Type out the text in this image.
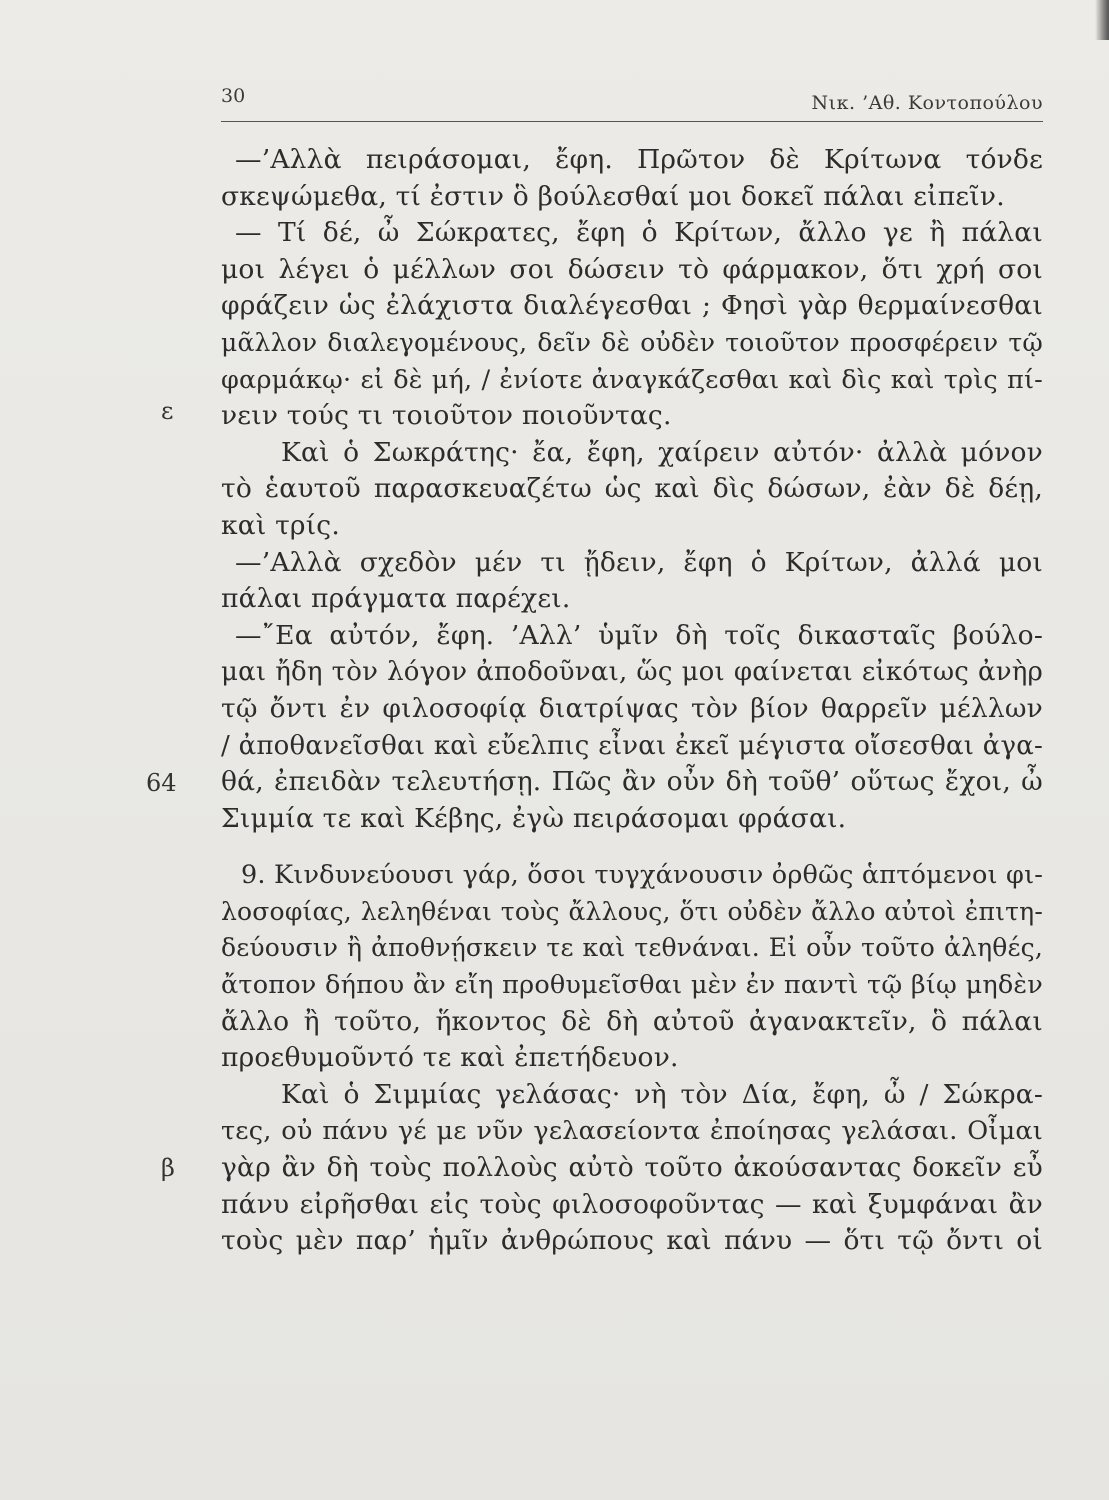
30	Νικ. ’Αθ. Κοντοπούλου
ε
64
β
—’Αλλὰ πειράσομαι, ἔφη. Πρῶτον δὲ Κρίτωνα τόνδε
σκεψώμεθα, τί ἐστιν ὃ βούλεσθαί μοι δοκεῖ πάλαι εἰπεῖν.
— Τί δέ, ὦ Σώκρατες, ἔφη ὁ Κρίτων, ἄλλο γε ἢ πάλαι
μοι λέγει ὁ μέλλων σοι δώσειν τὸ φάρμακον, ὅτι χρή σοι
φράζειν ὡς ἐλάχιστα διαλέγεσθαι ; Φησὶ γὰρ θερμαίνεσθαι
μᾶλλον διαλεγομένους, δεῖν δὲ οὐδὲν τοιοῦτον προσφέρειν τῷ
φαρμάκῳ· εἰ δὲ μή, / ἐνίοτε ἀναγκάζεσθαι καὶ δὶς καὶ τρὶς πί-
νειν τούς τι τοιοῦτον ποιοῦντας.
Καὶ ὁ Σωκράτης· ἔα, ἔφη, χαίρειν αὐτόν· ἀλλὰ μόνον
τὸ ἑαυτοῦ παρασκευαζέτω ὡς καὶ δὶς δώσων, ἐὰν δὲ δέῃ,
καὶ τρίς.
—’Αλλὰ σχεδὸν μέν τι ᾔδειν, ἔφη ὁ Κρίτων, ἀλλά μοι
πάλαι πράγματα παρέχει.
—῎Εα αὐτόν, ἔφη. ’Αλλ’ ὑμῖν δὴ τοῖς δικασταῖς βούλο-
μαι ἤδη τὸν λόγον ἀποδοῦναι, ὥς μοι φαίνεται εἰκότως ἀνὴρ
τῷ ὄντι ἐν φιλοσοφίᾳ διατρίψας τὸν βίον θαρρεῖν μέλλων
/ ἀποθανεῖσθαι καὶ εὔελπις εἶναι ἐκεῖ μέγιστα οἴσεσθαι ἀγα-
θά, ἐπειδὰν τελευτήσῃ. Πῶς ἂν οὖν δὴ τοῦθ’ οὕτως ἔχοι, ὦ
Σιμμία τε καὶ Κέβης, ἐγὼ πειράσομαι φράσαι.
9. Κινδυνεύουσι γάρ, ὅσοι τυγχάνουσιν ὀρθῶς ἁπτόμενοι φι-
λοσοφίας, λεληθέναι τοὺς ἄλλους, ὅτι οὐδὲν ἄλλο αὐτοὶ ἐπιτη-
δεύουσιν ἢ ἀποθνῄσκειν τε καὶ τεθνάναι. Εἰ οὖν τοῦτο ἀληθές,
ἄτοπον δήπου ἂν εἴη προθυμεῖσθαι μὲν ἐν παντὶ τῷ βίῳ μηδὲν
ἄλλο ἢ τοῦτο, ἥκοντος δὲ δὴ αὐτοῦ ἀγανακτεῖν, ὃ πάλαι
προεθυμοῦντό τε καὶ ἐπετήδευον.
Καὶ ὁ Σιμμίας γελάσας· νὴ τὸν Δία, ἔφη, ὦ / Σώκρα-
τες, οὐ πάνυ γέ με νῦν γελασείοντα ἐποίησας γελάσαι. Οἶμαι
γὰρ ἂν δὴ τοὺς πολλοὺς αὐτὸ τοῦτο ἀκούσαντας δοκεῖν εὖ
πάνυ εἰρῆσθαι εἰς τοὺς φιλοσοφοῦντας — καὶ ξυμφάναι ἂν
τοὺς μὲν παρ’ ἡμῖν ἀνθρώπους καὶ πάνυ — ὅτι τῷ ὄντι οἱ
